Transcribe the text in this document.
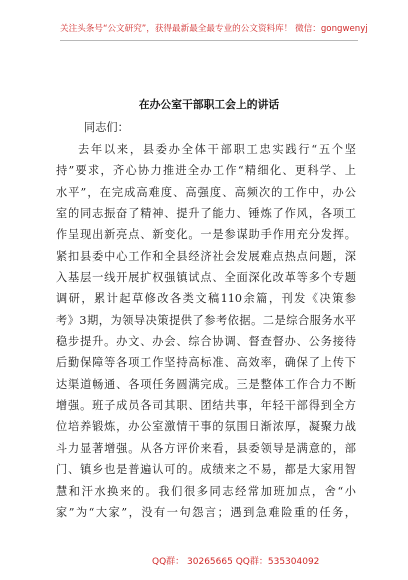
关注头条号“公文研究”，获得最新最全最专业的公文资料库！ 微信：gongwenyj
在办公室干部职工会上的讲话
同志们：
去年以来，县委办全体干部职工忠实践行“五个坚
持”要求，齐心协力推进全办工作“精细化、更科学、上
水平”，在完成高难度、高强度、高频次的工作中，办公
室的同志振奋了精神、提升了能力、锤炼了作风，各项工
作呈现出新亮点、新变化。一是参谋助手作用充分发挥。
紧扣县委中心工作和全县经济社会发展难点热点问题，深
入基层一线开展扩权强镇试点、全面深化改革等多个专题
调研，累计起草修改各类文稿110余篇，刊发《决策参
考》3期，为领导决策提供了参考依据。二是综合服务水平
稳步提升。办文、办会、综合协调、督查督办、公务接待
后勤保障等各项工作坚持高标准、高效率，确保了上传下
达渠道畅通、各项任务圆满完成。三是整体工作合力不断
增强。班子成员各司其职、团结共事，年轻干部得到全方
位培养锻炼，办公室激情干事的氛围日渐浓厚，凝聚力战
斗力显著增强。从各方评价来看，县委领导是满意的，部
门、镇乡也是普遍认可的。成绩来之不易，都是大家用智
慧和汗水换来的。我们很多同志经常加班加点，舍“小
家”为“大家”，没有一句怨言；遇到急难险重的任务，
QQ群： 30265665 QQ群：535304092
